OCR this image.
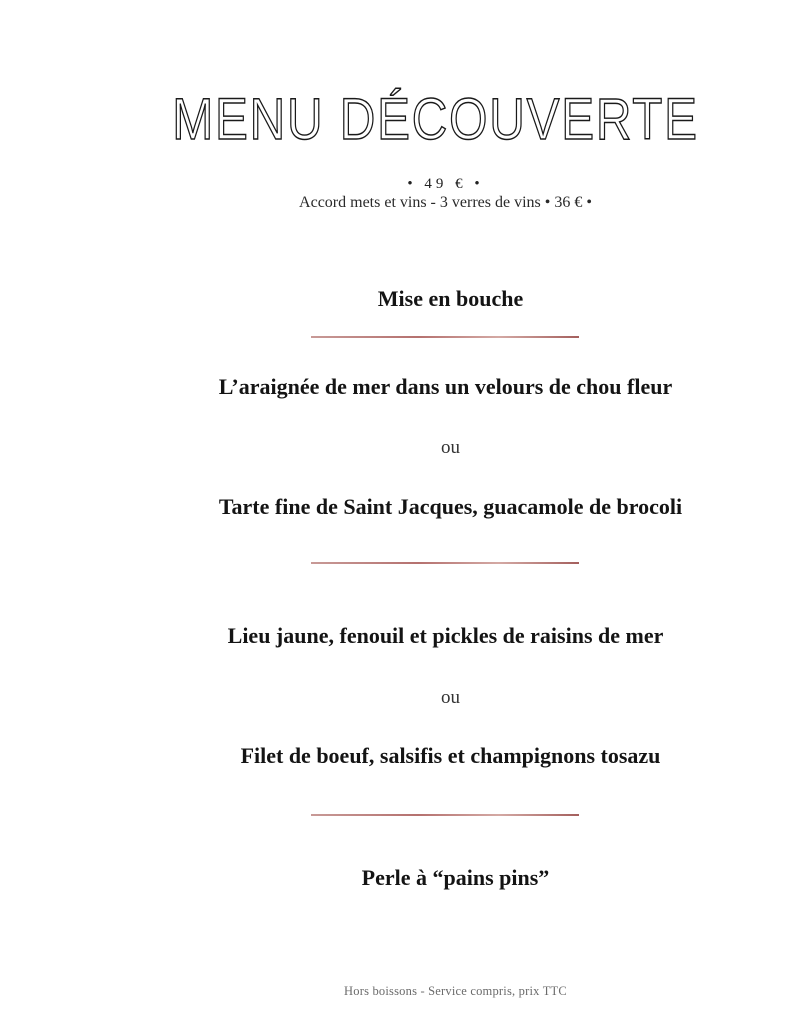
MENU DÉCOUVERTE
• 49 € •
Accord mets et vins - 3 verres de vins • 36 € •
Mise en bouche
L’araignée de mer dans un velours de chou fleur
ou
Tarte fine de Saint Jacques, guacamole de brocoli
Lieu jaune, fenouil et pickles de raisins de mer
ou
Filet de boeuf, salsifis et champignons tosazu
Perle à “pains pins”
Hors boissons - Service compris, prix TTC
